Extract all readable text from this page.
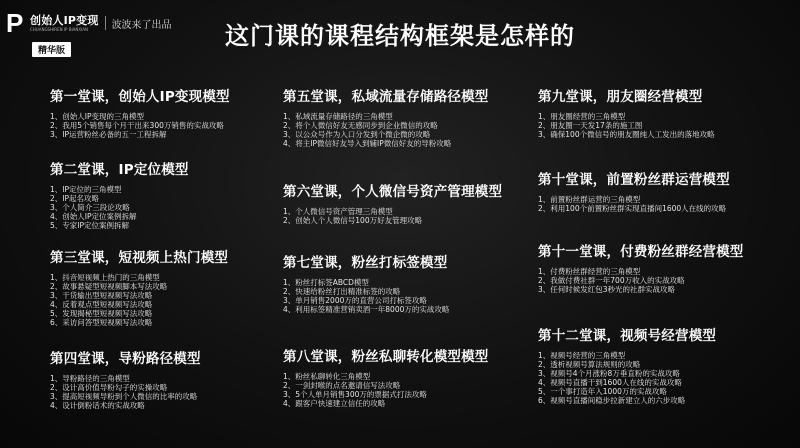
P 创始人IP变现
CHUANGSHIREN IP BIANXIAN	波波来了出品
精华版
这门课的课程结构框架是怎样的
第一堂课，创始人IP变现模型
1、创始人IP变现的三角模型
2、我用5个销售每个月干出来300万销售的实战攻略
3、IP运营粉丝必备的五一工程拆解
第二堂课，IP定位模型
1、IP定位的三角模型
2、IP起名攻略
3、个人简介三段论攻略
4、创始人IP定位案例拆解
5、专家IP定位案例拆解
第三堂课，短视频上热门模型
1、抖音短视频上热门的三角模型
2、故事悬疑型短视频脚本写法攻略
3、干货输出型短视频写法攻略
4、反着观点型短视频写法攻略
5、发现揭秘型短视频写法攻略
6、采访问答型短视频写法攻略
第四堂课，导粉路径模型
1、导粉路径的三角模型
2、设计高价值导粉勾子的实操攻略
3、提高短视频导粉到个人微信的比率的攻略
4、设计倒粉话术的实战攻略
第五堂课，私域流量存储路径模型
1、私域流量存储路径的三角模型
2、将个人微信好友无感同步到企业微信的攻略
3、以公众号作为入口分发到个微企微的攻略
4、将主IP微信好友导入到辅IP微信好友的导粉攻略
第六堂课，个人微信号资产管理模型
1、个人微信号资产管理三角模型
2、创始人个人微信号100万好友管理攻略
第七堂课，粉丝打标签模型
1、粉丝打标签ABCD模型
2、快速给粉丝打出精准标签的攻略
3、单月销售2000万的直营公司打标签攻略
4、利用标签精准营销卖酒一年8000万的实战攻略
第八堂课，粉丝私聊转化模型模型
1、粉丝私聊转化三角模型
2、一剑封喉的点名邀请信写法攻略
3、5个人单月销售300万的票据式打法攻略
4、跟客户快速建立信任的攻略
第九堂课，朋友圈经营模型
1、朋友圈经营的三角模型
2、朋友圈一天发17条的施工图
3、确保100个微信号的朋友圈纯人工发出的落地攻略
第十堂课，前置粉丝群运营模型
1、前置粉丝群运营的三角模型
2、利用100个前置粉丝群实现直播间1600人在线的攻略
第十一堂课，付费粉丝群经营模型
1、付费粉丝群经营的三角模型
2、我做付费社群一年700万收入的实战攻略
3、任何时候发红包3秒光的社群实战攻略
第十二堂课，视频号经营模型
1、视频号经营的三角模型
2、透析视频号算法规则的攻略
3、视频号4个月涨粉8万垂直粉的实战攻略
4、视频号直播干到1600人在线的实战攻略
5、一个事打造年入1000万的实战攻略
6、视频号直播间稳步拉新建立人的六步攻略
